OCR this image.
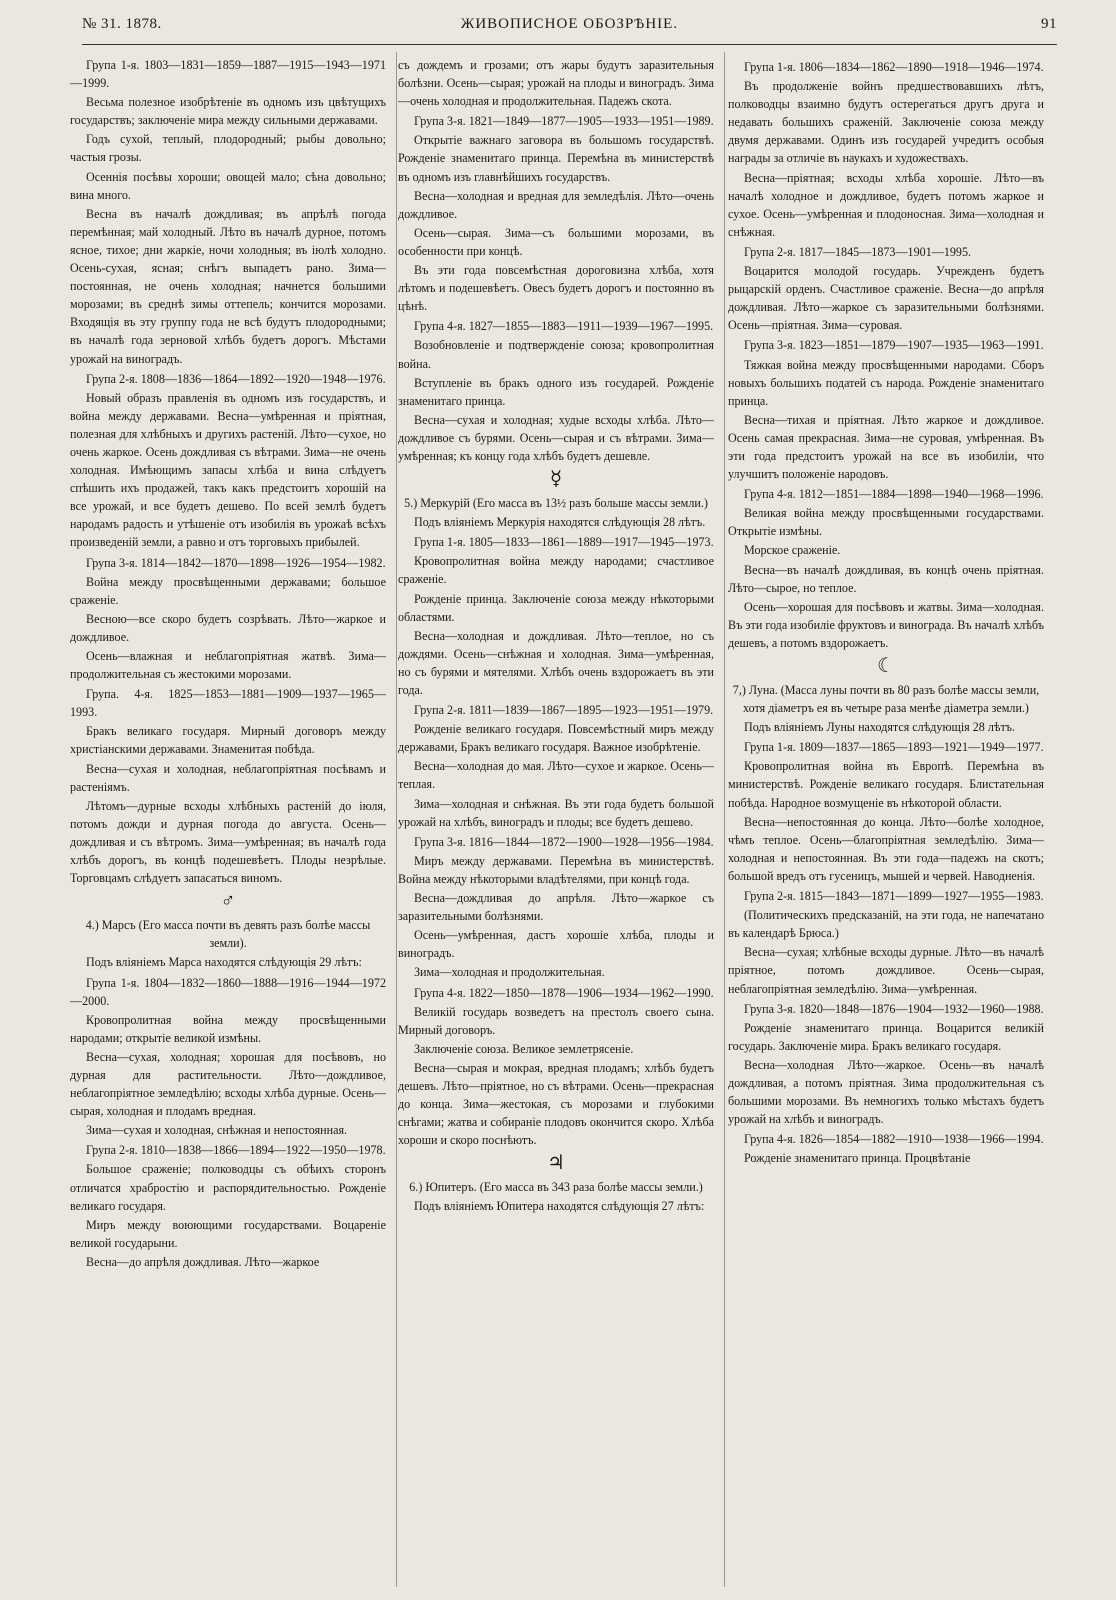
№ 31. 1878.	ЖИВОПИСНОЕ ОБОЗРѢНІЕ.	91

Група 1-я. 1803—1831—1859—1887—1915—1943—1971—1999.

Весьма полезное изобрѣтеніе въ одномъ изъ цвѣтущихъ государствъ; заключеніе мира между сильными державами.

Годъ сухой, теплый, плодородный; рыбы довольно; частыя грозы.

Осеннія посѣвы хороши; овощей мало; сѣна довольно; вина много.

Весна въ началѣ дождливая; въ апрѣлѣ погода перемѣнная; май холодный. Лѣто въ началѣ дурное, потомъ ясное, тихое; дни жаркіе, ночи холодныя; въ іюлѣ холодно. Осень-сухая, ясная; снѣгъ выпадетъ рано. Зима—постоянная, не очень холодная; начнется большими морозами; въ среднѣ зимы оттепель; кончится морозами. Входящія въ эту группу года не всѣ будутъ плодородными; въ началѣ года зерновой хлѣбъ будетъ дорогъ. Мѣстами урожай на виноградъ.

Група 2-я. 1808—1836—1864—1892—1920—1948—1976.

Новый образъ правленія въ одномъ изъ государствъ, и война между державами. Весна—умѣренная и пріятная, полезная для хлѣбныхъ и другихъ растеній. Лѣто—сухое, но очень жаркое. Осень дождливая съ вѣтрами. Зима—не очень холодная. Имѣющимъ запасы хлѣба и вина слѣдуетъ спѣшить ихъ продажей, такъ какъ предстоитъ хорошій на все урожай, и все будетъ дешево. По всей землѣ будетъ народамъ радость и утѣшеніе отъ изобилія въ урожаѣ всѣхъ произведеній земли, а равно и отъ торговыхъ прибылей.

Група 3-я. 1814—1842—1870—1898—1926—1954—1982.

Война между просвѣщенными державами; большое сраженіе.

Весною—все скоро будетъ созрѣвать. Лѣто—жаркое и дождливое.

Осень—влажная и неблагопріятная жатвѣ. Зима—продолжительная съ жестокими морозами.

Група. 4-я. 1825—1853—1881—1909—1937—1965—1993.

Бракъ великаго государя. Мирный договоръ между христіанскими державами. Знаменитая побѣда.

Весна—сухая и холодная, неблагопріятная посѣвамъ и растеніямъ.

Лѣтомъ—дурные всходы хлѣбныхъ растеній до іюля, потомъ дожди и дурная погода до августа. Осень—дождливая и съ вѣтромъ. Зима—умѣренная; въ началѣ года хлѣбъ дорогъ, въ концѣ подешевѣетъ. Плоды незрѣлые. Торговцамъ слѣдуетъ запасаться виномъ.

♂

4.) Марсъ (Его масса почти въ девять разъ болѣе массы земли).

Подъ вліяніемъ Марса находятся слѣдующія 29 лѣтъ:

Група 1-я. 1804—1832—1860—1888—1916—1944—1972—2000.

Кровопролитная война между просвѣщенными народами; открытіе великой измѣны.

Весна—сухая, холодная; хорошая для посѣвовъ, но дурная для растительности. Лѣто—дождливое, неблагопріятное земледѣлію; всходы хлѣба дурные. Осень—сырая, холодная и плодамъ вредная.

Зима—сухая и холодная, снѣжная и непостоянная.

Група 2-я. 1810—1838—1866—1894—1922—1950—1978.

Большое сраженіе; полководцы съ обѣихъ сторонъ отличатся храбростію и распорядительностью. Рожденіе великаго государя.

Миръ между воюющими государствами. Воцареніе великой государыни.

Весна—до апрѣля дождливая. Лѣто—жаркое

съ дождемъ и грозами; отъ жары будутъ заразительныя болѣзни. Осень—сырая; урожай на плоды и виноградъ. Зима—очень холодная и продолжительная. Падежъ скота.

Група 3-я. 1821—1849—1877—1905—1933—1951—1989.

Открытіе важнаго заговора въ большомъ государствѣ. Рожденіе знаменитаго принца. Перемѣна въ министерствѣ въ одномъ изъ главнѣйшихъ государствъ.

Весна—холодная и вредная для земледѣлія. Лѣто—очень дождливое.

Осень—сырая. Зима—съ большими морозами, въ особенности при концѣ.

Въ эти года повсемѣстная дороговизна хлѣба, хотя лѣтомъ и подешевѣетъ. Овесъ будетъ дорогъ и постоянно въ цѣнѣ.

Група 4-я. 1827—1855—1883—1911—1939—1967—1995.

Возобновленіе и подтвержденіе союза; кровопролитная война.

Вступленіе въ бракъ одного изъ государей. Рожденіе знаменитаго принца.

Весна—сухая и холодная; худые всходы хлѣба. Лѣто—дождливое съ бурями. Осень—сырая и съ вѣтрами. Зима—умѣренная; къ концу года хлѣбъ будетъ дешевле.

☿

5.) Меркурій (Его масса въ 13½ разъ больше массы земли.)

Подъ вліяніемъ Меркурія находятся слѣдующія 28 лѣтъ.

Група 1-я. 1805—1833—1861—1889—1917—1945—1973.

Кровопролитная война между народами; счастливое сраженіе.

Рожденіе принца. Заключеніе союза между нѣкоторыми областями.

Весна—холодная и дождливая. Лѣто—теплое, но съ дождями. Осень—снѣжная и холодная. Зима—умѣренная, но съ бурями и мятелями. Хлѣбъ очень вздорожаетъ въ эти года.

Група 2-я. 1811—1839—1867—1895—1923—1951—1979.

Рожденіе великаго государя. Повсемѣстный миръ между державами, Бракъ великаго государя. Важное изобрѣтеніе.

Весна—холодная до мая. Лѣто—сухое и жаркое. Осень—теплая.

Зима—холодная и снѣжная. Въ эти года будетъ большой урожай на хлѣбъ, виноградъ и плоды; все будетъ дешево.

Група 3-я. 1816—1844—1872—1900—1928—1956—1984.

Миръ между державами. Перемѣна въ министерствѣ. Война между нѣкоторыми владѣтелями, при концѣ года.

Весна—дождливая до апрѣля. Лѣто—жаркое съ заразительными болѣзнями.

Осень—умѣренная, дастъ хорошіе хлѣба, плоды и виноградъ.

Зима—холодная и продолжительная.

Група 4-я. 1822—1850—1878—1906—1934—1962—1990.

Великій государь возведетъ на престолъ своего сына. Мирный договоръ.

Заключеніе союза. Великое землетрясеніе.

Весна—сырая и мокрая, вредная плодамъ; хлѣбъ будетъ дешевъ. Лѣто—пріятное, но съ вѣтрами. Осень—прекрасная до конца. Зима—жестокая, съ морозами и глубокими снѣгами; жатва и собираніе плодовъ окончится скоро. Хлѣба хороши и скоро поснѣютъ.

♃

6.) Юпитеръ. (Его масса въ 343 раза болѣе массы земли.)

Подъ вліяніемъ Юпитера находятся слѣдующія 27 лѣтъ:

Група 1-я. 1806—1834—1862—1890—1918—1946—1974.

Въ продолженіе войнъ предшествовавшихъ лѣтъ, полководцы взаимно будутъ остерегаться другъ друга и недавать большихъ сраженій. Заключеніе союза между двумя державами. Одинъ изъ государей учредитъ особыя награды за отличіе въ наукахъ и художествахъ.

Весна—пріятная; всходы хлѣба хорошіе. Лѣто—въ началѣ холодное и дождливое, будетъ потомъ жаркое и сухое. Осень—умѣренная и плодоносная. Зима—холодная и снѣжная.

Група 2-я. 1817—1845—1873—1901—1995.

Воцарится молодой государь. Учрежденъ будетъ рыцарскій орденъ. Счастливое сраженіе. Весна—до апрѣля дождливая. Лѣто—жаркое съ заразительными болѣзнями. Осень—пріятная. Зима—суровая.

Група 3-я. 1823—1851—1879—1907—1935—1963—1991.

Тяжкая война между просвѣщенными народами. Сборъ новыхъ большихъ податей съ народа. Рожденіе знаменитаго принца.

Весна—тихая и пріятная. Лѣто жаркое и дождливое. Осень самая прекрасная. Зима—не суровая, умѣренная. Въ эти года предстоитъ урожай на все въ изобиліи, что улучшитъ положеніе народовъ.

Група 4-я. 1812—1851—1884—1898—1940—1968—1996.

Великая война между просвѣщенными государствами. Открытіе измѣны.

Морское сраженіе.

Весна—въ началѣ дождливая, въ концѣ очень пріятная. Лѣто—сырое, но теплое.

Осень—хорошая для посѣвовъ и жатвы. Зима—холодная. Въ эти года изобиліе фруктовъ и винограда. Въ началѣ хлѣбъ дешевъ, а потомъ вздорожаетъ.

☾

7,) Луна. (Масса луны почти въ 80 разъ болѣе массы земли, хотя діаметръ ея въ четыре раза менѣе діаметра земли.)

Подъ вліяніемъ Луны находятся слѣдующія 28 лѣтъ.

Група 1-я. 1809—1837—1865—1893—1921—1949—1977.

Кровопролитная война въ Европѣ. Перемѣна въ министерствѣ. Рожденіе великаго государя. Блистательная побѣда. Народное возмущеніе въ нѣкоторой области.

Весна—непостоянная до конца. Лѣто—болѣе холодное, чѣмъ теплое. Осень—благопріятная земледѣлію. Зима—холодная и непостоянная. Въ эти года—падежъ на скотъ; большой вредъ отъ гусеницъ, мышей и червей. Наводненія.

Група 2-я. 1815—1843—1871—1899—1927—1955—1983.

(Политическихъ предсказаній, на эти года, не напечатано въ календарѣ Брюса.)

Весна—сухая; хлѣбные всходы дурные. Лѣто—въ началѣ пріятное, потомъ дождливое. Осень—сырая, неблагопріятная земледѣлію. Зима—умѣренная.

Група 3-я. 1820—1848—1876—1904—1932—1960—1988.

Рожденіе знаменитаго принца. Воцарится великій государь. Заключеніе мира. Бракъ великаго государя.

Весна—холодная Лѣто—жаркое. Осень—въ началѣ дождливая, а потомъ пріятная. Зима продолжительная съ большими морозами. Въ немногихъ только мѣстахъ будетъ урожай на хлѣбъ и виноградъ.

Група 4-я. 1826—1854—1882—1910—1938—1966—1994.

Рожденіе знаменитаго принца. Процвѣтаніе
